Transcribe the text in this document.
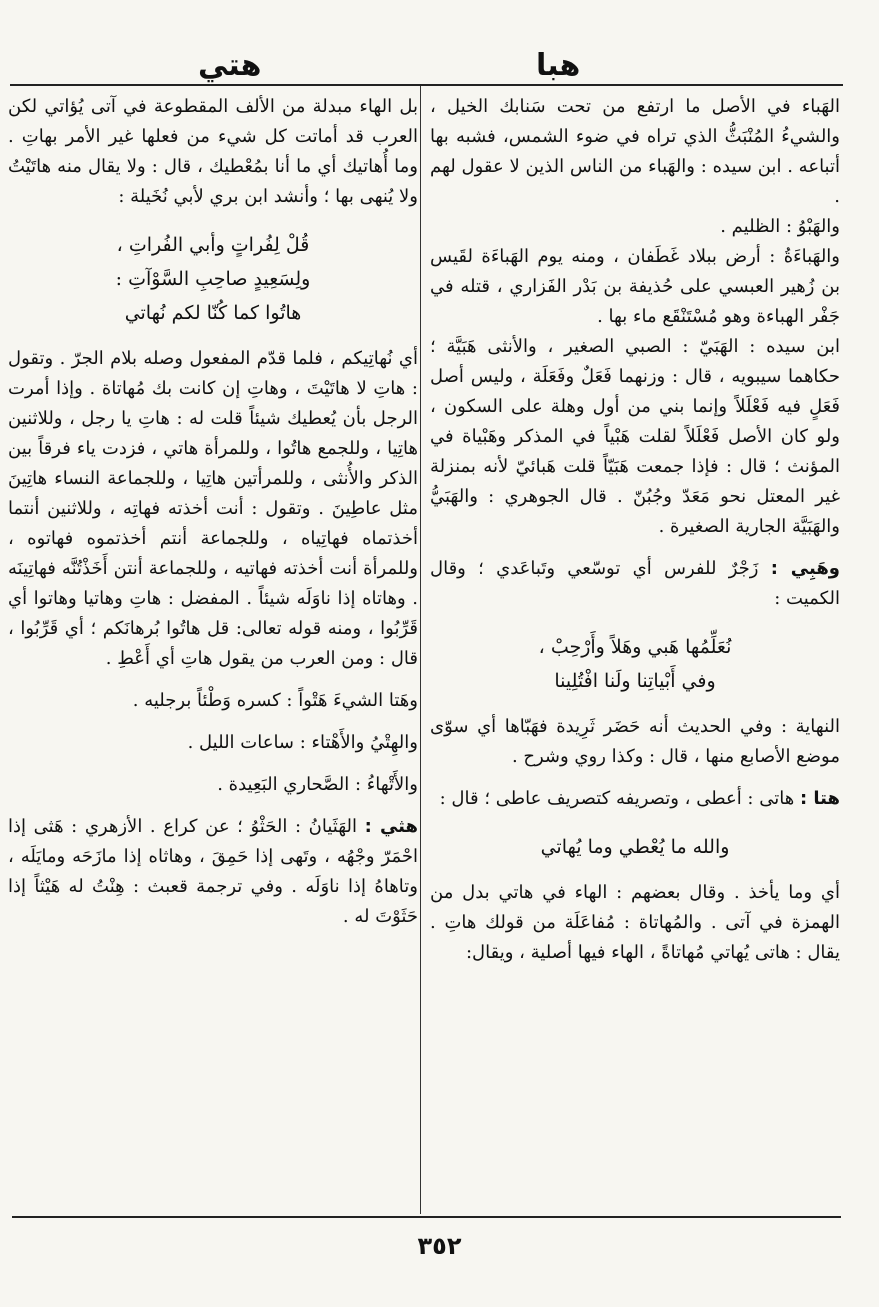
هبا
هتي

الهَباء في الأصل ما ارتفع من تحت سَنابك الخيل ، والشيءُ المُنْبَثُّ الذي تراه في ضوء الشمس، فشبه بها أتباعه . ابن سيده : والهَباء من الناس الذين لا عقول لهم .

والهَبْوُ : الظليم .

والهَباءَةُ : أرض ببلاد غَطَفان ، ومنه يوم الهَباءَة لقَيس بن زُهير العبسي على حُذيفة بن بَدْر الفَزاري ، قتله في جَفْر الهباءة وهو مُسْتَنْقَع ماء بها .

ابن سيده : الهَبَيّ : الصبي الصغير ، والأنثى هَبَيَّة ؛ حكاهما سيبويه ، قال : وزنهما فَعَلٌ وفَعَلَة ، وليس أصل فَعَلٍ فيه فَعْلَلاً وإنما بني من أول وهلة على السكون ، ولو كان الأصل فَعْلَلاً لقلت هَبْياً في المذكر وهَبْياة في المؤنث ؛ قال : فإذا جمعت هَبَيّاً قلت هَبائيّ لأنه بمنزلة غير المعتل نحو مَعَدّ وجُبُنّ . قال الجوهري : والهَبَيُّ والهَبَيَّة الجارية الصغيرة .

وهَبِي : زَجْرٌ للفرس أي توسّعي وتَباعَدي ؛ وقال الكميت :

نُعَلِّمُها هَبي وهَلاً وأَرْحِبْ ،
وفي أَبْياتِنا ولَنا افْتُلِينا

النهاية : وفي الحديث أنه حَضَر ثَرِيدة فهَبّاها أي سوّى موضع الأصابع منها ، قال : وكذا روي وشرح .

هتا : هاتى : أعطى ، وتصريفه كتصريف عاطى ؛ قال :

والله ما يُعْطي وما يُهاتي

أي وما يأخذ . وقال بعضهم : الهاء في هاتي بدل من الهمزة في آتى . والمُهاتاة : مُفاعَلَة من قولك هاتِ . يقال : هاتى يُهاتي مُهاتاةً ، الهاء فيها أصلية ، ويقال:

بل الهاء مبدلة من الألف المقطوعة في آتى يُؤاتي لكن العرب قد أماتت كل شيء من فعلها غير الأمر بهاتِ . وما أُهاتيك أي ما أنا بمُعْطيك ، قال : ولا يقال منه هاتَيْتُ ولا يُنهى بها ؛ وأنشد ابن بري لأبي نُخَيلة :

قُلْ لِفُراتٍ وأبي الفُراتِ ،
ولِسَعِيدٍ صاحِبِ السَّوْآتِ :
هاتُوا كما كُنّا لكم نُهاتي

أي نُهاتِيكم ، فلما قدّم المفعول وصله بلام الجرّ . وتقول : هاتِ لا هاتَيْتَ ، وهاتِ إن كانت بك مُهاتاة . وإذا أمرت الرجل بأن يُعطيك شيئاً قلت له : هاتِ يا رجل ، وللاثنين هاتِيا ، وللجمع هاتُوا ، وللمرأة هاتي ، فزدت ياء فرقاً بين الذكر والأُنثى ، وللمرأتين هاتِيا ، وللجماعة النساء هاتِينَ مثل عاطِينَ . وتقول : أنت أخذته فهاتِه ، وللاثنين أنتما أخذتماه فهاتِياه ، وللجماعة أنتم أخذتموه فهاتوه ، وللمرأة أنت أخذته فهاتيه ، وللجماعة أنتن أَخَذْتُنَّه فهاتِينَه . وهاتاه إذا ناوَلَه شيئاً . المفضل : هاتِ وهاتيا وهاتوا أي قَرِّبُوا ، ومنه قوله تعالى: قل هاتُوا بُرهانَكم ؛ أي قَرِّبُوا ، قال : ومن العرب من يقول هاتِ أي أَعْطِ .

وهَتا الشيءَ هَتْواً : كسره وَطْئاً برجليه .

والهِتْيُ والأَهْتاء : ساعات الليل .

والأَتْهاءُ : الصَّحاري البَعِيدة .

هثي : الهَثَيانُ : الحَثْوُ ؛ عن كراع . الأزهري : هَثى إذا احْمَرّ وجْهُه ، وتَهى إذا حَمِقَ ، وهاثاه إذا مازَحَه ومايَلَه ، وتاهاهُ إذا ناوَلَه . وفي ترجمة قعبث : هِنْتُ له هَيْثاً إذا حَثَوْتَ له .

٣٥٢
